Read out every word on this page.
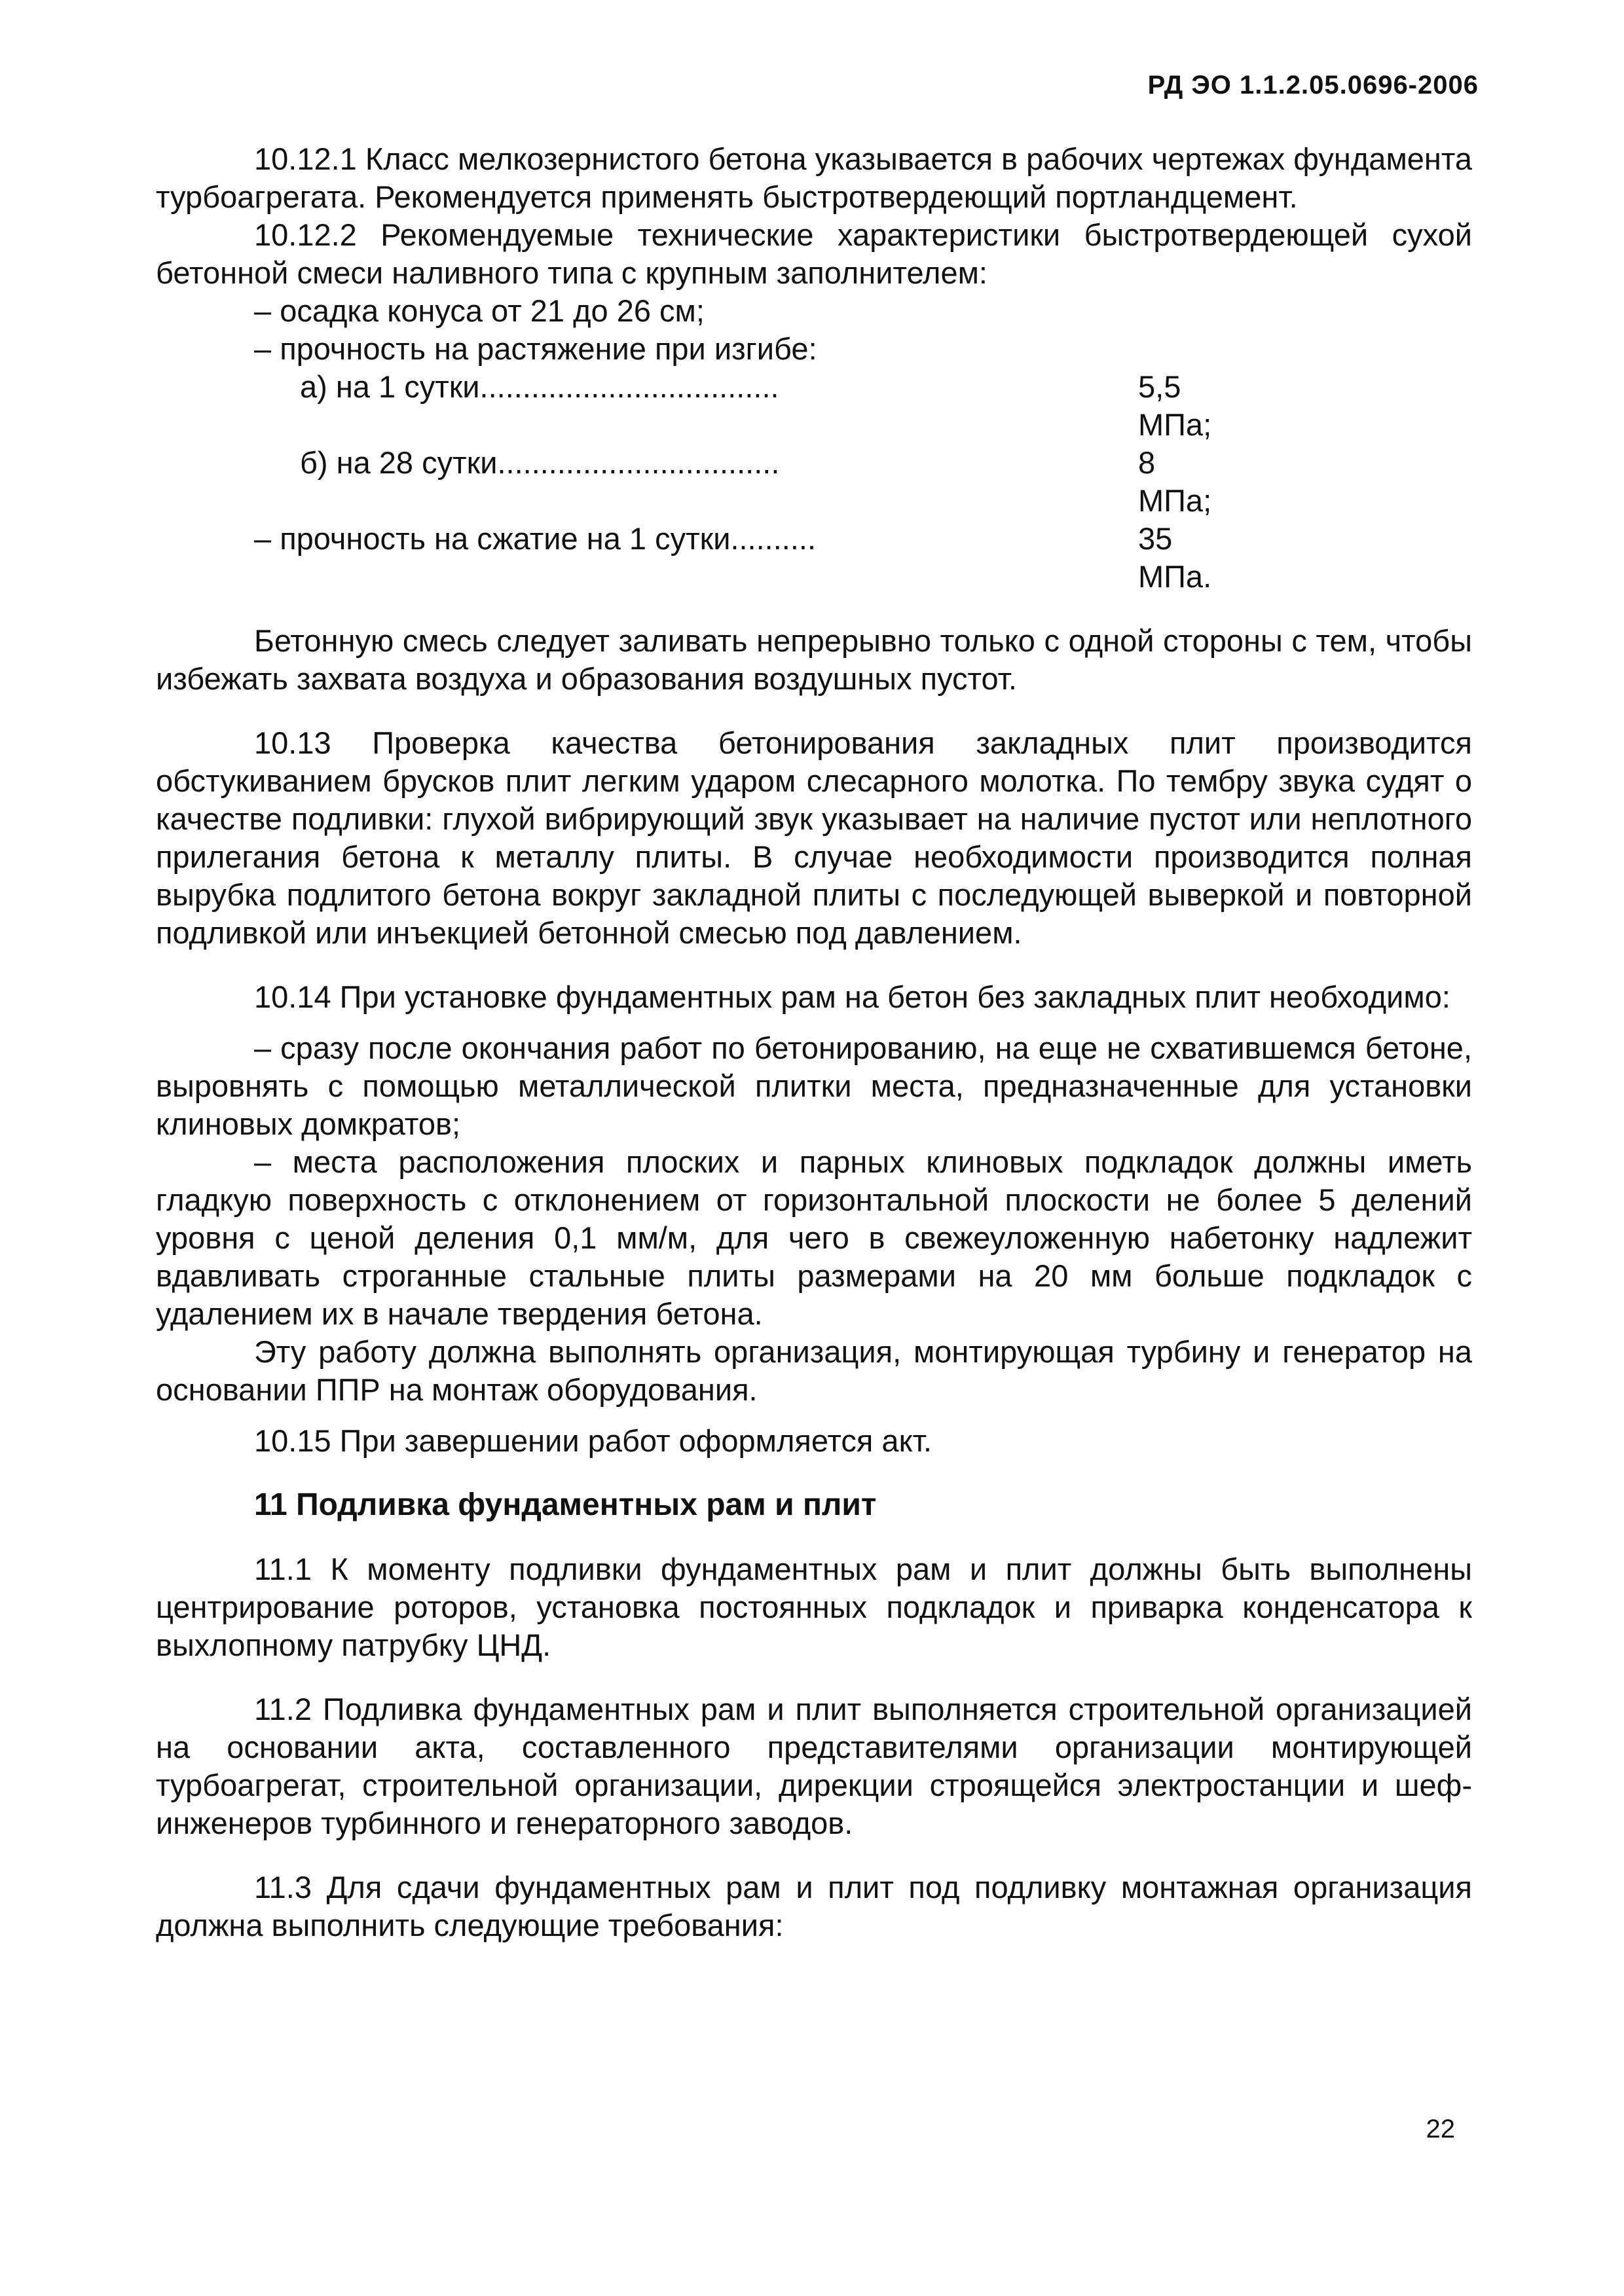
РД ЭО 1.1.2.05.0696-2006

10.12.1 Класс мелкозернистого бетона указывается в рабочих чертежах фундамента турбоагрегата. Рекомендуется применять быстротвердеющий портландцемент.

10.12.2 Рекомендуемые технические характеристики быстротвердеющей сухой бетонной смеси наливного типа с крупным заполнителем:

– осадка конуса от 21 до 26 см;
– прочность на растяжение при изгибе:
а) на 1 сутки...................................	5,5 МПа;
б) на 28 сутки.................................	8 МПа;
– прочность на сжатие на 1 сутки..........	35 МПа.

Бетонную смесь следует заливать непрерывно только с одной стороны с тем, чтобы избежать захвата воздуха и образования воздушных пустот.

10.13 Проверка качества бетонирования закладных плит производится обстукиванием брусков плит легким ударом слесарного молотка. По тембру звука судят о качестве подливки: глухой вибрирующий звук указывает на наличие пустот или неплотного прилегания бетона к металлу плиты. В случае необходимости производится полная вырубка подлитого бетона вокруг закладной плиты с последующей выверкой и повторной подливкой или инъекцией бетонной смесью под давлением.

10.14 При установке фундаментных рам на бетон без закладных плит необходимо:

– сразу после окончания работ по бетонированию, на еще не схватившемся бетоне, выровнять с помощью металлической плитки места, предназначенные для установки клиновых домкратов;

– места расположения плоских и парных клиновых подкладок должны иметь гладкую поверхность с отклонением от горизонтальной плоскости не более 5 делений уровня с ценой деления 0,1 мм/м, для чего в свежеуложенную набетонку надлежит вдавливать строганные стальные плиты размерами на 20 мм больше подкладок с удалением их в начале твердения бетона.

Эту работу должна выполнять организация, монтирующая турбину и генератор на основании ППР на монтаж оборудования.

10.15 При завершении работ оформляется акт.

11 Подливка фундаментных рам и плит

11.1 К моменту подливки фундаментных рам и плит должны быть выполнены центрирование роторов, установка постоянных подкладок и приварка конденсатора к выхлопному патрубку ЦНД.

11.2 Подливка фундаментных рам и плит выполняется строительной организацией на основании акта, составленного представителями организации монтирующей турбоагрегат, строительной организации, дирекции строящейся электростанции и шеф-инженеров турбинного и генераторного заводов.

11.3 Для сдачи фундаментных рам и плит под подливку монтажная организация должна выполнить следующие требования:

22
